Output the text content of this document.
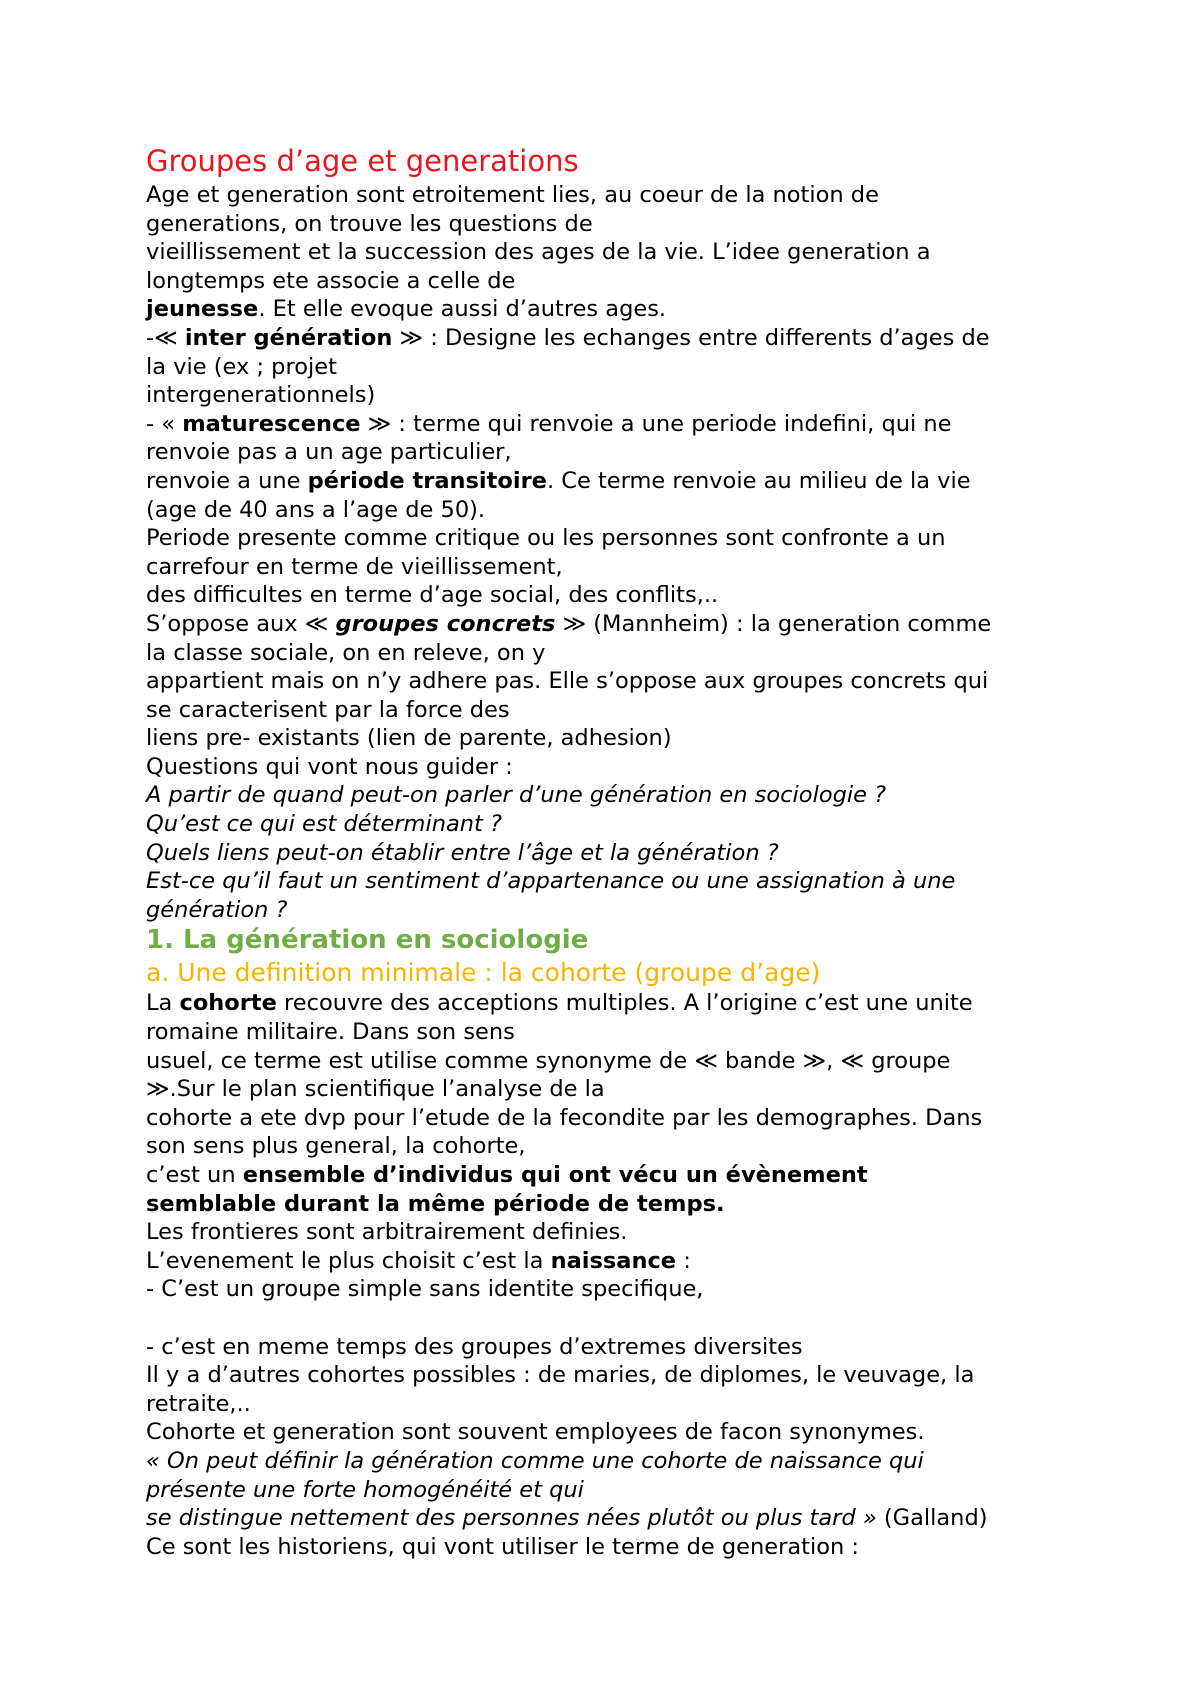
Groupes d’age et generations
Age et generation sont etroitement lies, au coeur de la notion de
generations, on trouve les questions de
vieillissement et la succession des ages de la vie. L’idee generation a
longtemps ete associe a celle de
jeunesse. Et elle evoque aussi d’autres ages.
-≪ inter génération ≫ : Designe les echanges entre differents d’ages de
la vie (ex ; projet
intergenerationnels)
- « maturescence ≫ : terme qui renvoie a une periode indefini, qui ne
renvoie pas a un age particulier,
renvoie a une période transitoire. Ce terme renvoie au milieu de la vie
(age de 40 ans a l’age de 50).
Periode presente comme critique ou les personnes sont confronte a un
carrefour en terme de vieillissement,
des difficultes en terme d’age social, des conflits,..
S’oppose aux ≪ groupes concrets ≫ (Mannheim) : la generation comme
la classe sociale, on en releve, on y
appartient mais on n’y adhere pas. Elle s’oppose aux groupes concrets qui
se caracterisent par la force des
liens pre- existants (lien de parente, adhesion)
Questions qui vont nous guider :
A partir de quand peut-on parler d’une génération en sociologie ?
Qu’est ce qui est déterminant ?
Quels liens peut-on établir entre l’âge et la génération ?
Est-ce qu’il faut un sentiment d’appartenance ou une assignation à une
génération ?
1. La génération en sociologie
a. Une definition minimale : la cohorte (groupe d’age)
La cohorte recouvre des acceptions multiples. A l’origine c’est une unite
romaine militaire. Dans son sens
usuel, ce terme est utilise comme synonyme de ≪ bande ≫, ≪ groupe
≫.Sur le plan scientifique l’analyse de la
cohorte a ete dvp pour l’etude de la fecondite par les demographes. Dans
son sens plus general, la cohorte,
c’est un ensemble d’individus qui ont vécu un évènement
semblable durant la même période de temps.
Les frontieres sont arbitrairement definies.
L’evenement le plus choisit c’est la naissance :
- C’est un groupe simple sans identite specifique,
- c’est en meme temps des groupes d’extremes diversites
Il y a d’autres cohortes possibles : de maries, de diplomes, le veuvage, la
retraite,..
Cohorte et generation sont souvent employees de facon synonymes.
« On peut définir la génération comme une cohorte de naissance qui
présente une forte homogénéité et qui
se distingue nettement des personnes nées plutôt ou plus tard » (Galland)
Ce sont les historiens, qui vont utiliser le terme de generation :
